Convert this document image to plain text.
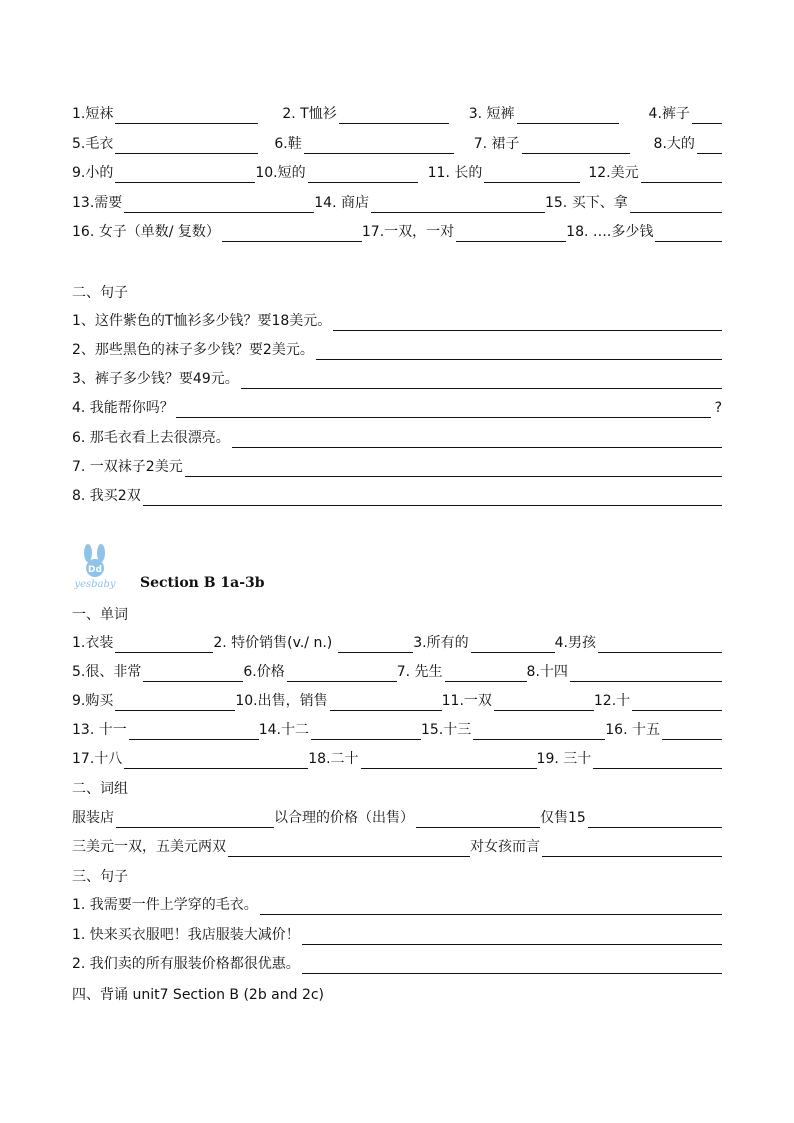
1.短袜	2. T恤衫	3. 短裤	4.裤子
5.毛衣	6.鞋	7. 裙子	8.大的
9.小的	10.短的	11. 长的	12.美元
13.需要	14. 商店	15. 买下、拿
16. 女子（单数/ 复数）	17.一双，一对	18. ….多少钱
二、句子
1、这件紫色的T恤衫多少钱？要18美元。
2、那些黑色的袜子多少钱？要2美元。
3、裤子多少钱？要49元。
4. 我能帮你吗？	?
6. 那毛衣看上去很漂亮。
7. 一双袜子2美元
8. 我买2双
Dd
yesbaby Section B 1a-3b
一、单词
1.衣装	2. 特价销售(v./ n.)	3.所有的	4.男孩
5.很、非常	6.价格	7. 先生	8.十四
9.购买	10.出售，销售	11.一双	12.十
13. 十一	14.十二	15.十三	16. 十五
17.十八	18.二十	19. 三十
二、词组
服装店	以合理的价格（出售）	仅售15
三美元一双，五美元两双	对女孩而言
三、句子
1. 我需要一件上学穿的毛衣。
1. 快来买衣服吧！我店服装大减价！
2. 我们卖的所有服装价格都很优惠。
四、背诵 unit7 Section B (2b and 2c)
